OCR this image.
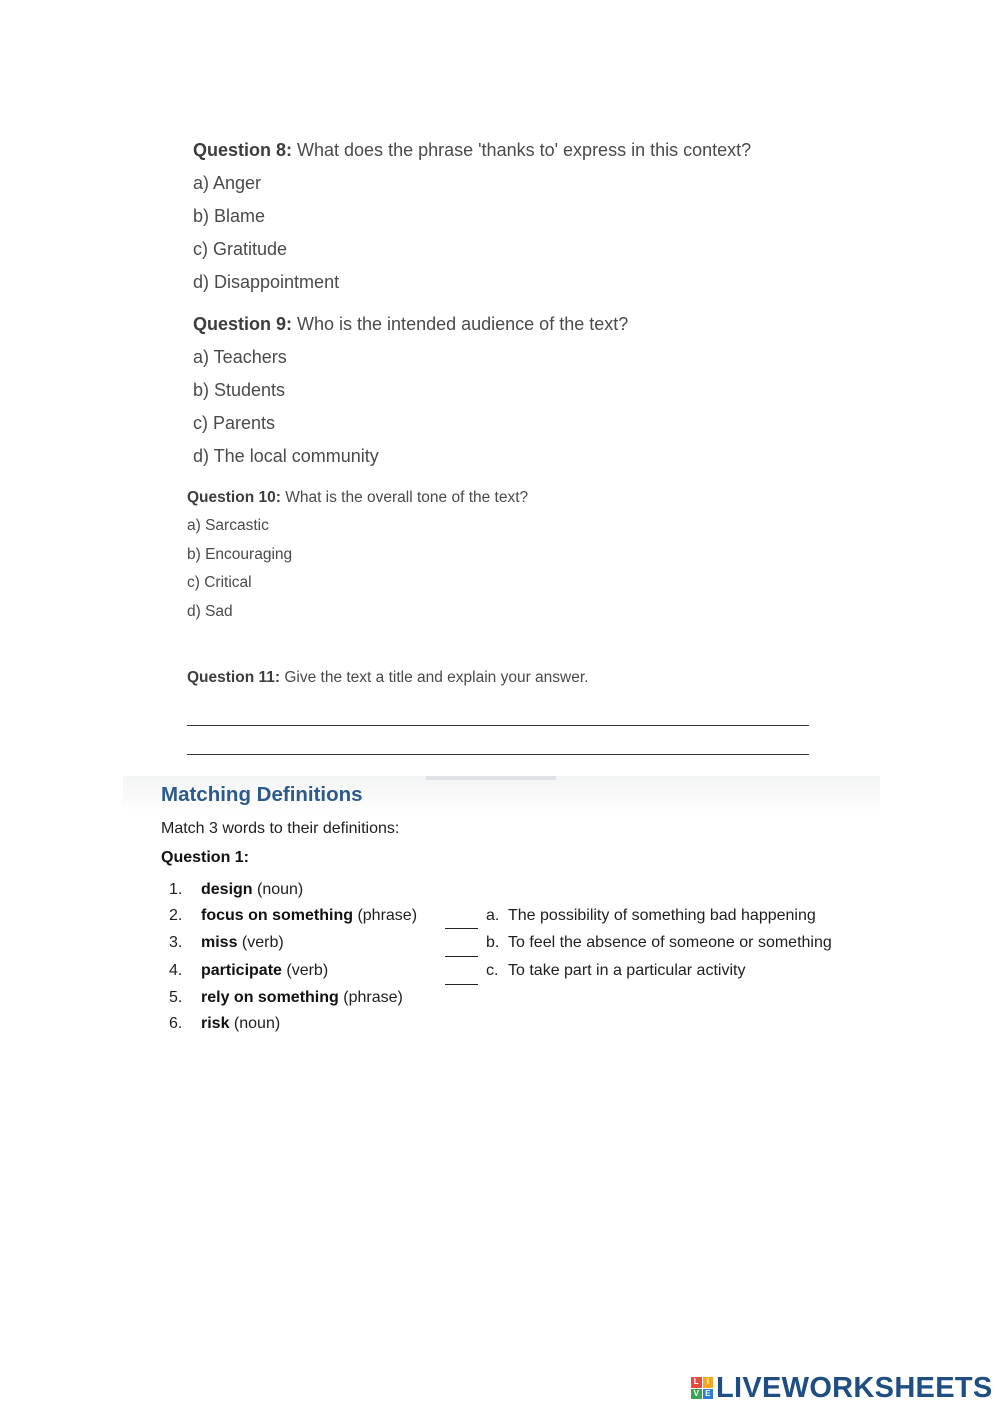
Question 8: What does the phrase 'thanks to' express in this context?
a) Anger
b) Blame
c) Gratitude
d) Disappointment
Question 9: Who is the intended audience of the text?
a) Teachers
b) Students
c) Parents
d) The local community
Question 10: What is the overall tone of the text?
a) Sarcastic
b) Encouraging
c) Critical
d) Sad
Question 11: Give the text a title and explain your answer.
Matching Definitions
Match 3 words to their definitions:
Question 1:
1. design (noun)
2. focus on something (phrase)
3. miss (verb)
4. participate (verb)
5. rely on something (phrase)
6. risk (noun)
a. The possibility of something bad happening
b. To feel the absence of someone or something
c. To take part in a particular activity
L I
V E LIVEWORKSHEETS
